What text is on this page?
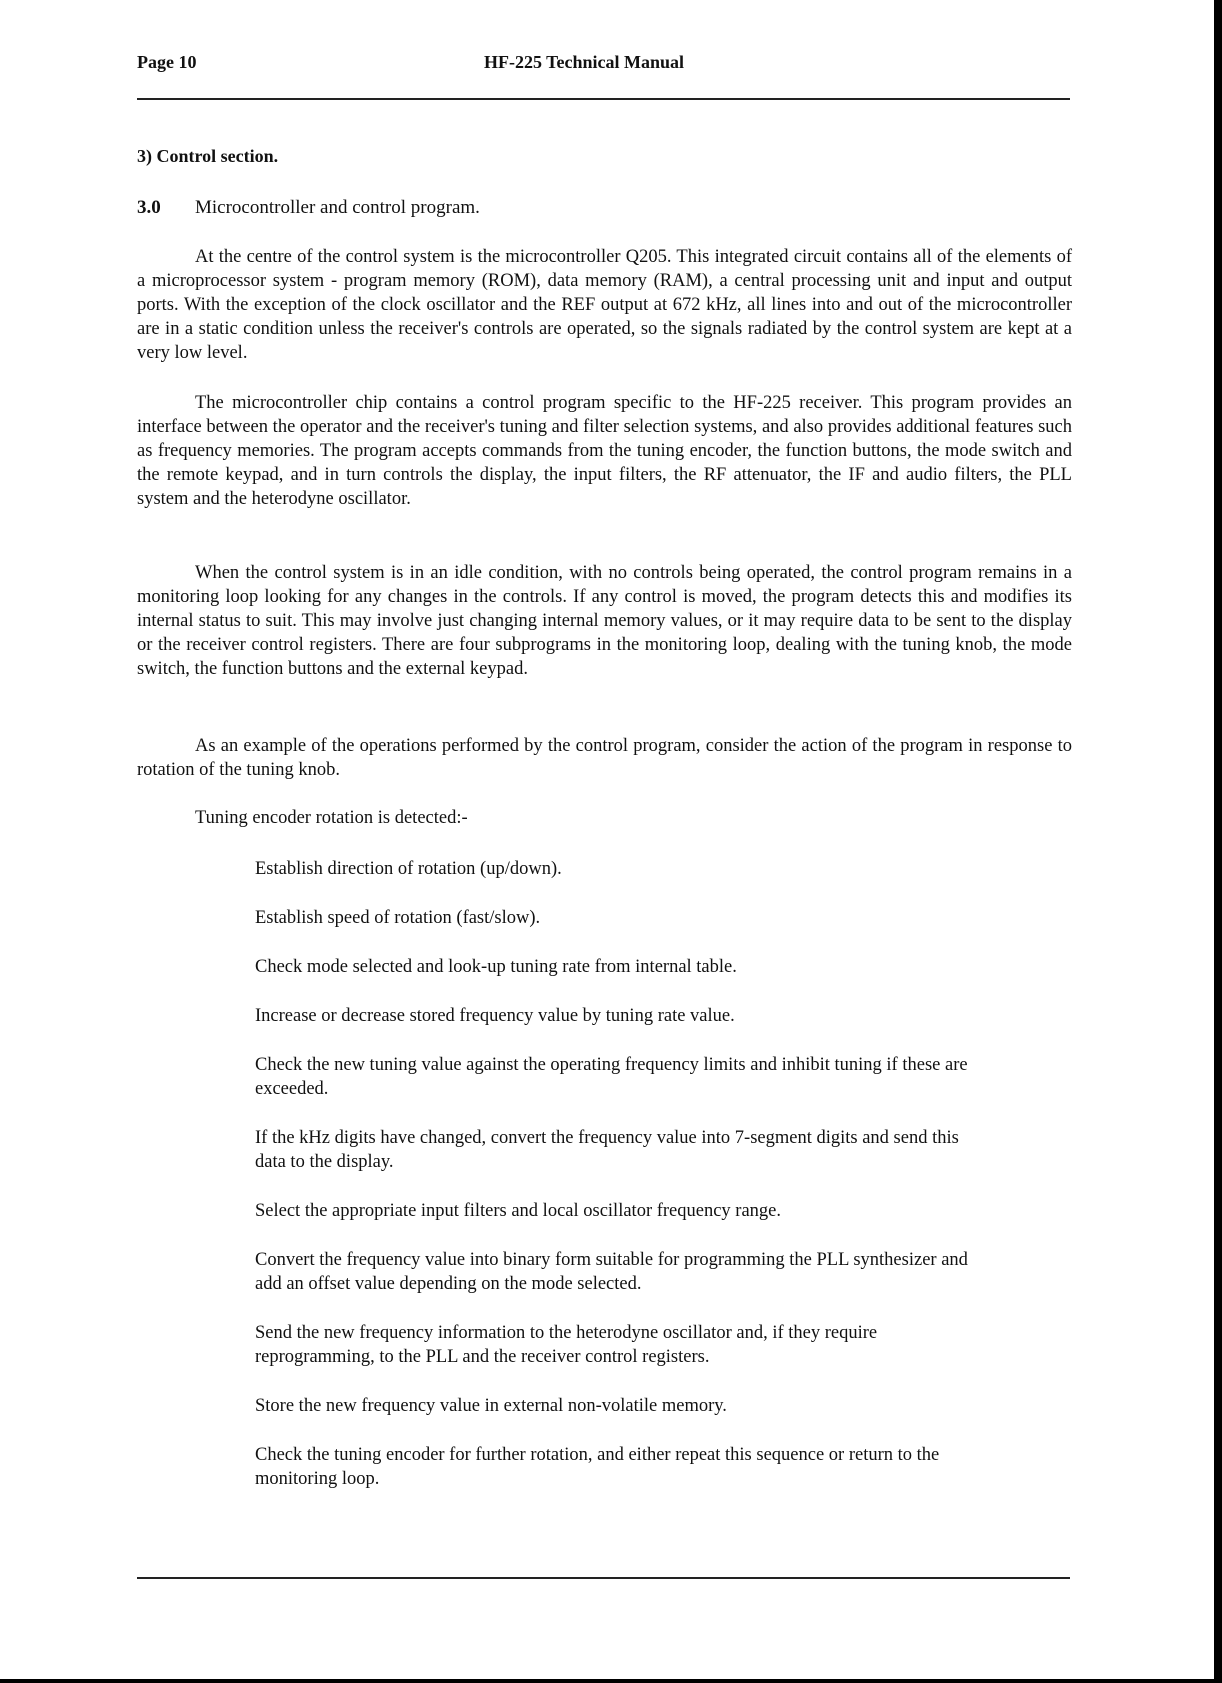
Page 10	HF-225 Technical Manual
3) Control section.
3.0 Microcontroller and control program.

At the centre of the control system is the microcontroller Q205. This integrated circuit contains all of the elements of a microprocessor system - program memory (ROM), data memory (RAM), a central processing unit and input and output ports. With the exception of the clock oscillator and the REF output at 672 kHz, all lines into and out of the microcontroller are in a static condition unless the receiver's controls are operated, so the signals radiated by the control system are kept at a very low level.

The microcontroller chip contains a control program specific to the HF-225 receiver. This program provides an interface between the operator and the receiver's tuning and filter selection systems, and also provides additional features such as frequency memories. The program accepts commands from the tuning encoder, the function buttons, the mode switch and the remote keypad, and in turn controls the display, the input filters, the RF attenuator, the IF and audio filters, the PLL system and the heterodyne oscillator.

When the control system is in an idle condition, with no controls being operated, the control program remains in a monitoring loop looking for any changes in the controls. If any control is moved, the program detects this and modifies its internal status to suit. This may involve just changing internal memory values, or it may require data to be sent to the display or the receiver control registers. There are four subprograms in the monitoring loop, dealing with the tuning knob, the mode switch, the function buttons and the external keypad.

As an example of the operations performed by the control program, consider the action of the program in response to rotation of the tuning knob.

Tuning encoder rotation is detected:-
Establish direction of rotation (up/down).
Establish speed of rotation (fast/slow).
Check mode selected and look-up tuning rate from internal table.
Increase or decrease stored frequency value by tuning rate value.
Check the new tuning value against the operating frequency limits and inhibit tuning if these are exceeded.
If the kHz digits have changed, convert the frequency value into 7-segment digits and send this data to the display.
Select the appropriate input filters and local oscillator frequency range.
Convert the frequency value into binary form suitable for programming the PLL synthesizer and add an offset value depending on the mode selected.
Send the new frequency information to the heterodyne oscillator and, if they require reprogramming, to the PLL and the receiver control registers.
Store the new frequency value in external non-volatile memory.
Check the tuning encoder for further rotation, and either repeat this sequence or return to the monitoring loop.
